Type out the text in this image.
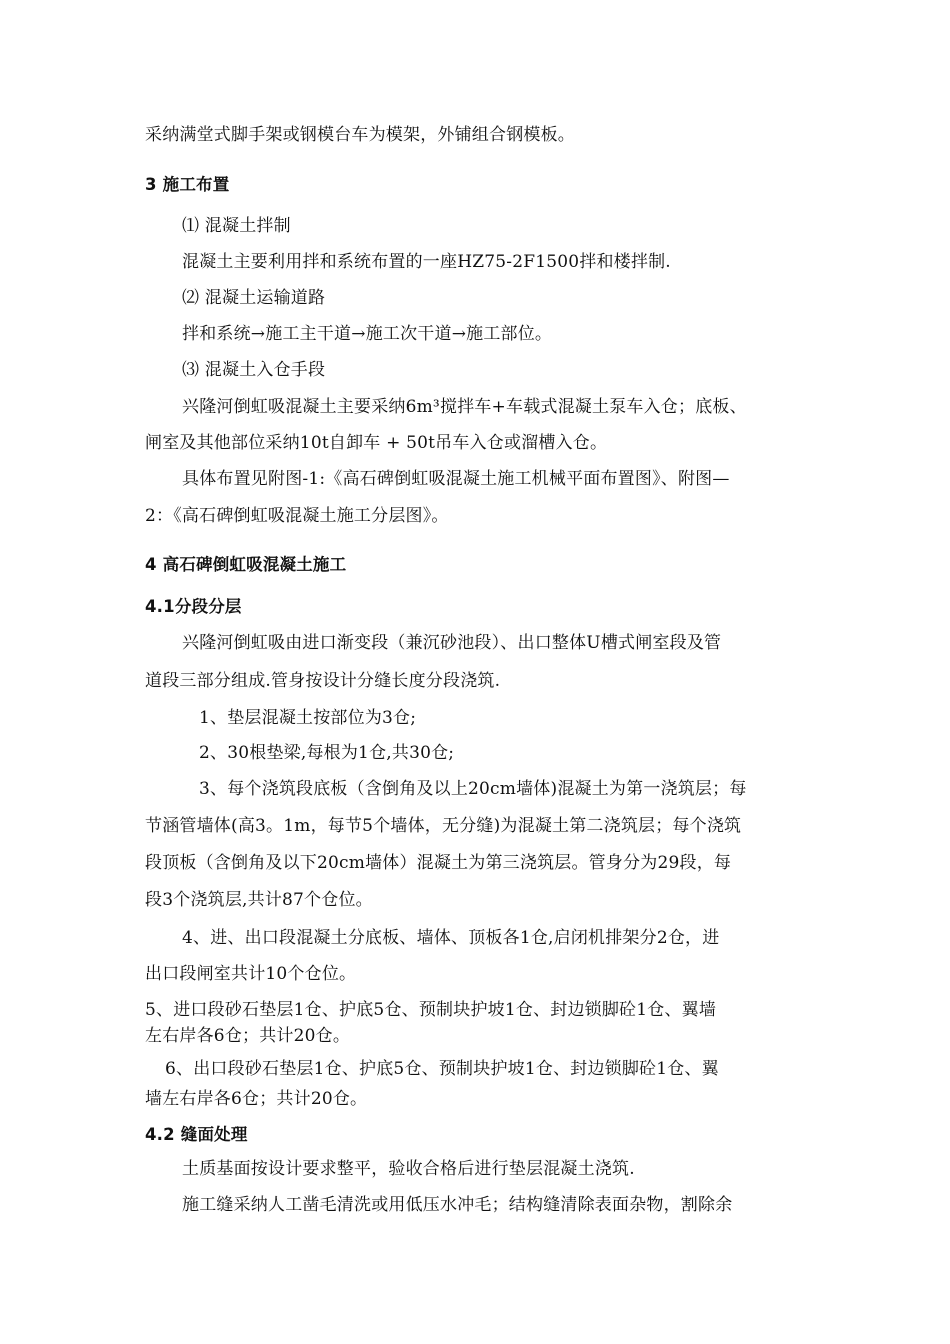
采纳满堂式脚手架或钢模台车为模架，外铺组合钢模板。
3 施工布置
⑴ 混凝土拌制
混凝土主要利用拌和系统布置的一座HZ75-2F1500拌和楼拌制.
⑵ 混凝土运输道路
拌和系统→施工主干道→施工次干道→施工部位。
⑶ 混凝土入仓手段
兴隆河倒虹吸混凝土主要采纳6m³搅拌车+车载式混凝土泵车入仓；底板、
闸室及其他部位采纳10t自卸车 + 50t吊车入仓或溜槽入仓。
具体布置见附图-1:《高石碑倒虹吸混凝土施工机械平面布置图》、附图—
2：《高石碑倒虹吸混凝土施工分层图》。
4 高石碑倒虹吸混凝土施工
4.1分段分层
兴隆河倒虹吸由进口渐变段（兼沉砂池段）、出口整体U槽式闸室段及管
道段三部分组成.管身按设计分缝长度分段浇筑.
1、垫层混凝土按部位为3仓;
2、30根垫梁,每根为1仓,共30仓;
3、每个浇筑段底板（含倒角及以上20cm墙体)混凝土为第一浇筑层；每
节涵管墙体(高3。1m，每节5个墙体，无分缝)为混凝土第二浇筑层；每个浇筑
段顶板（含倒角及以下20cm墙体）混凝土为第三浇筑层。管身分为29段，每
段3个浇筑层,共计87个仓位。
4、进、出口段混凝土分底板、墙体、顶板各1仓,启闭机排架分2仓，进
出口段闸室共计10个仓位。
5、进口段砂石垫层1仓、护底5仓、预制块护坡1仓、封边锁脚砼1仓、翼墙
左右岸各6仓；共计20仓。
6、出口段砂石垫层1仓、护底5仓、预制块护坡1仓、封边锁脚砼1仓、翼
墙左右岸各6仓；共计20仓。
4.2 缝面处理
土质基面按设计要求整平，验收合格后进行垫层混凝土浇筑.
施工缝采纳人工凿毛清洗或用低压水冲毛；结构缝清除表面杂物，割除余
